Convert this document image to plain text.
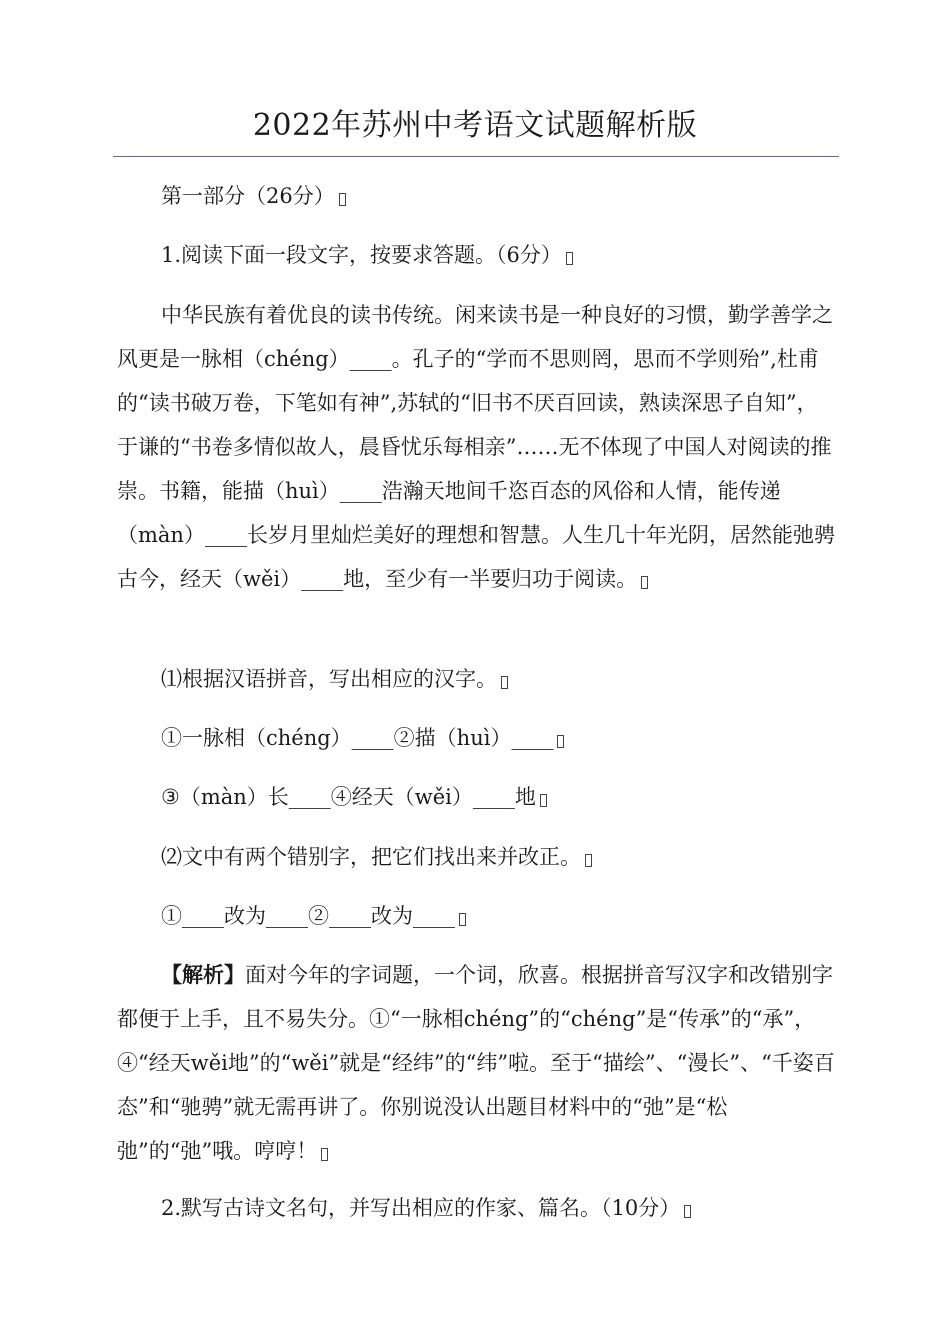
2022年苏州中考语文试题解析版

第一部分（26分）

1.阅读下面一段文字，按要求答题。（6分）

中华民族有着优良的读书传统。闲来读书是一种良好的习惯，勤学善学之风更是一脉相（chéng）____。孔子的“学而不思则罔，思而不学则殆”,杜甫的“读书破万卷，下笔如有神”,苏轼的“旧书不厌百回读，熟读深思子自知”，于谦的“书卷多情似故人，晨昏忧乐每相亲”……无不体现了中国人对阅读的推崇。书籍，能描（huì）____浩瀚天地间千恣百态的风俗和人情，能传递（màn）____长岁月里灿烂美好的理想和智慧。人生几十年光阴，居然能弛骋古今，经天（wěi）____地，至少有一半要归功于阅读。

⑴根据汉语拼音，写出相应的汉字。

①一脉相（chéng）____②描（huì）____

③（màn）长____④经天（wěi）____地

⑵文中有两个错别字，把它们找出来并改正。

①____改为____②____改为____

【解析】面对今年的字词题，一个词，欣喜。根据拼音写汉字和改错别字都便于上手，且不易失分。①“一脉相chéng”的“chéng”是“传承”的“承”，④“经天wěi地”的“wěi”就是“经纬”的“纬”啦。至于“描绘”、“漫长”、“千姿百态”和“驰骋”就无需再讲了。你别说没认出题目材料中的“弛”是“松弛”的“弛”哦。哼哼！

2.默写古诗文名句，并写出相应的作家、篇名。（10分）
